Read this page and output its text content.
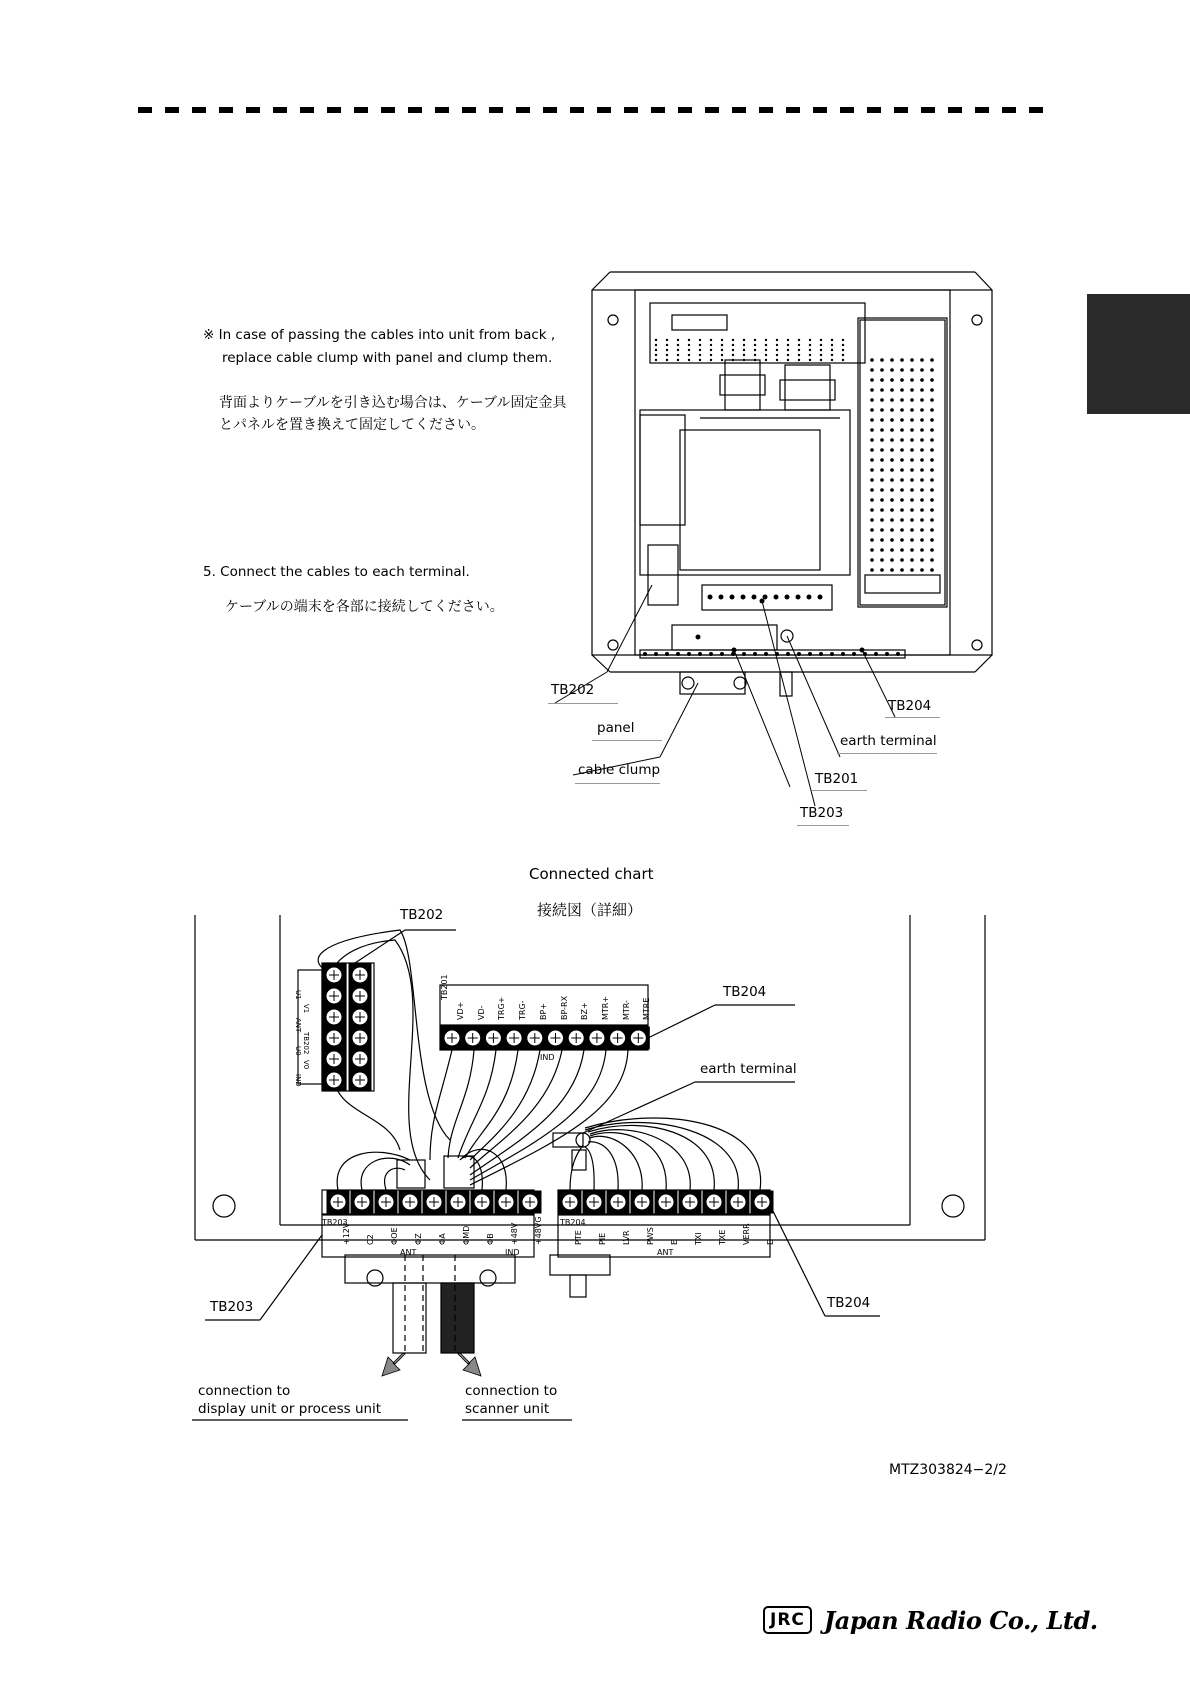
※ In case of passing the cables into unit from back ,
replace cable clump with panel and clump them.
背面よりケーブルを引き込む場合は、ケーブル固定金具
とパネルを置き換えて固定してください。
5. Connect the cables to each terminal.
ケーブルの端末を各部に接続してください。
TB202
panel
cable clump
TB204
earth terminal
TB201
TB203
Connected chart
接続図（詳細）
TB201
VD+ VD- TRG+ TRG- BP+ BP-RX BZ+ MTR+ MTR- MTRE
IND
+12V C2 ΦOE ΦZ ΦA ΦMD ΦB +48V +48VG	PTE PIE LVR PWS E TXI TXE VERR E
TB203
ANT	IND
TB204
ANT
U1
V1
ANT
TB202
U0
V0
IND
TB202
TB204
earth terminal
TB203	TB204
connection to
display unit or process unit
connection to
scanner unit
MTZ303824−2/2
JRC Japan Radio Co., Ltd.
